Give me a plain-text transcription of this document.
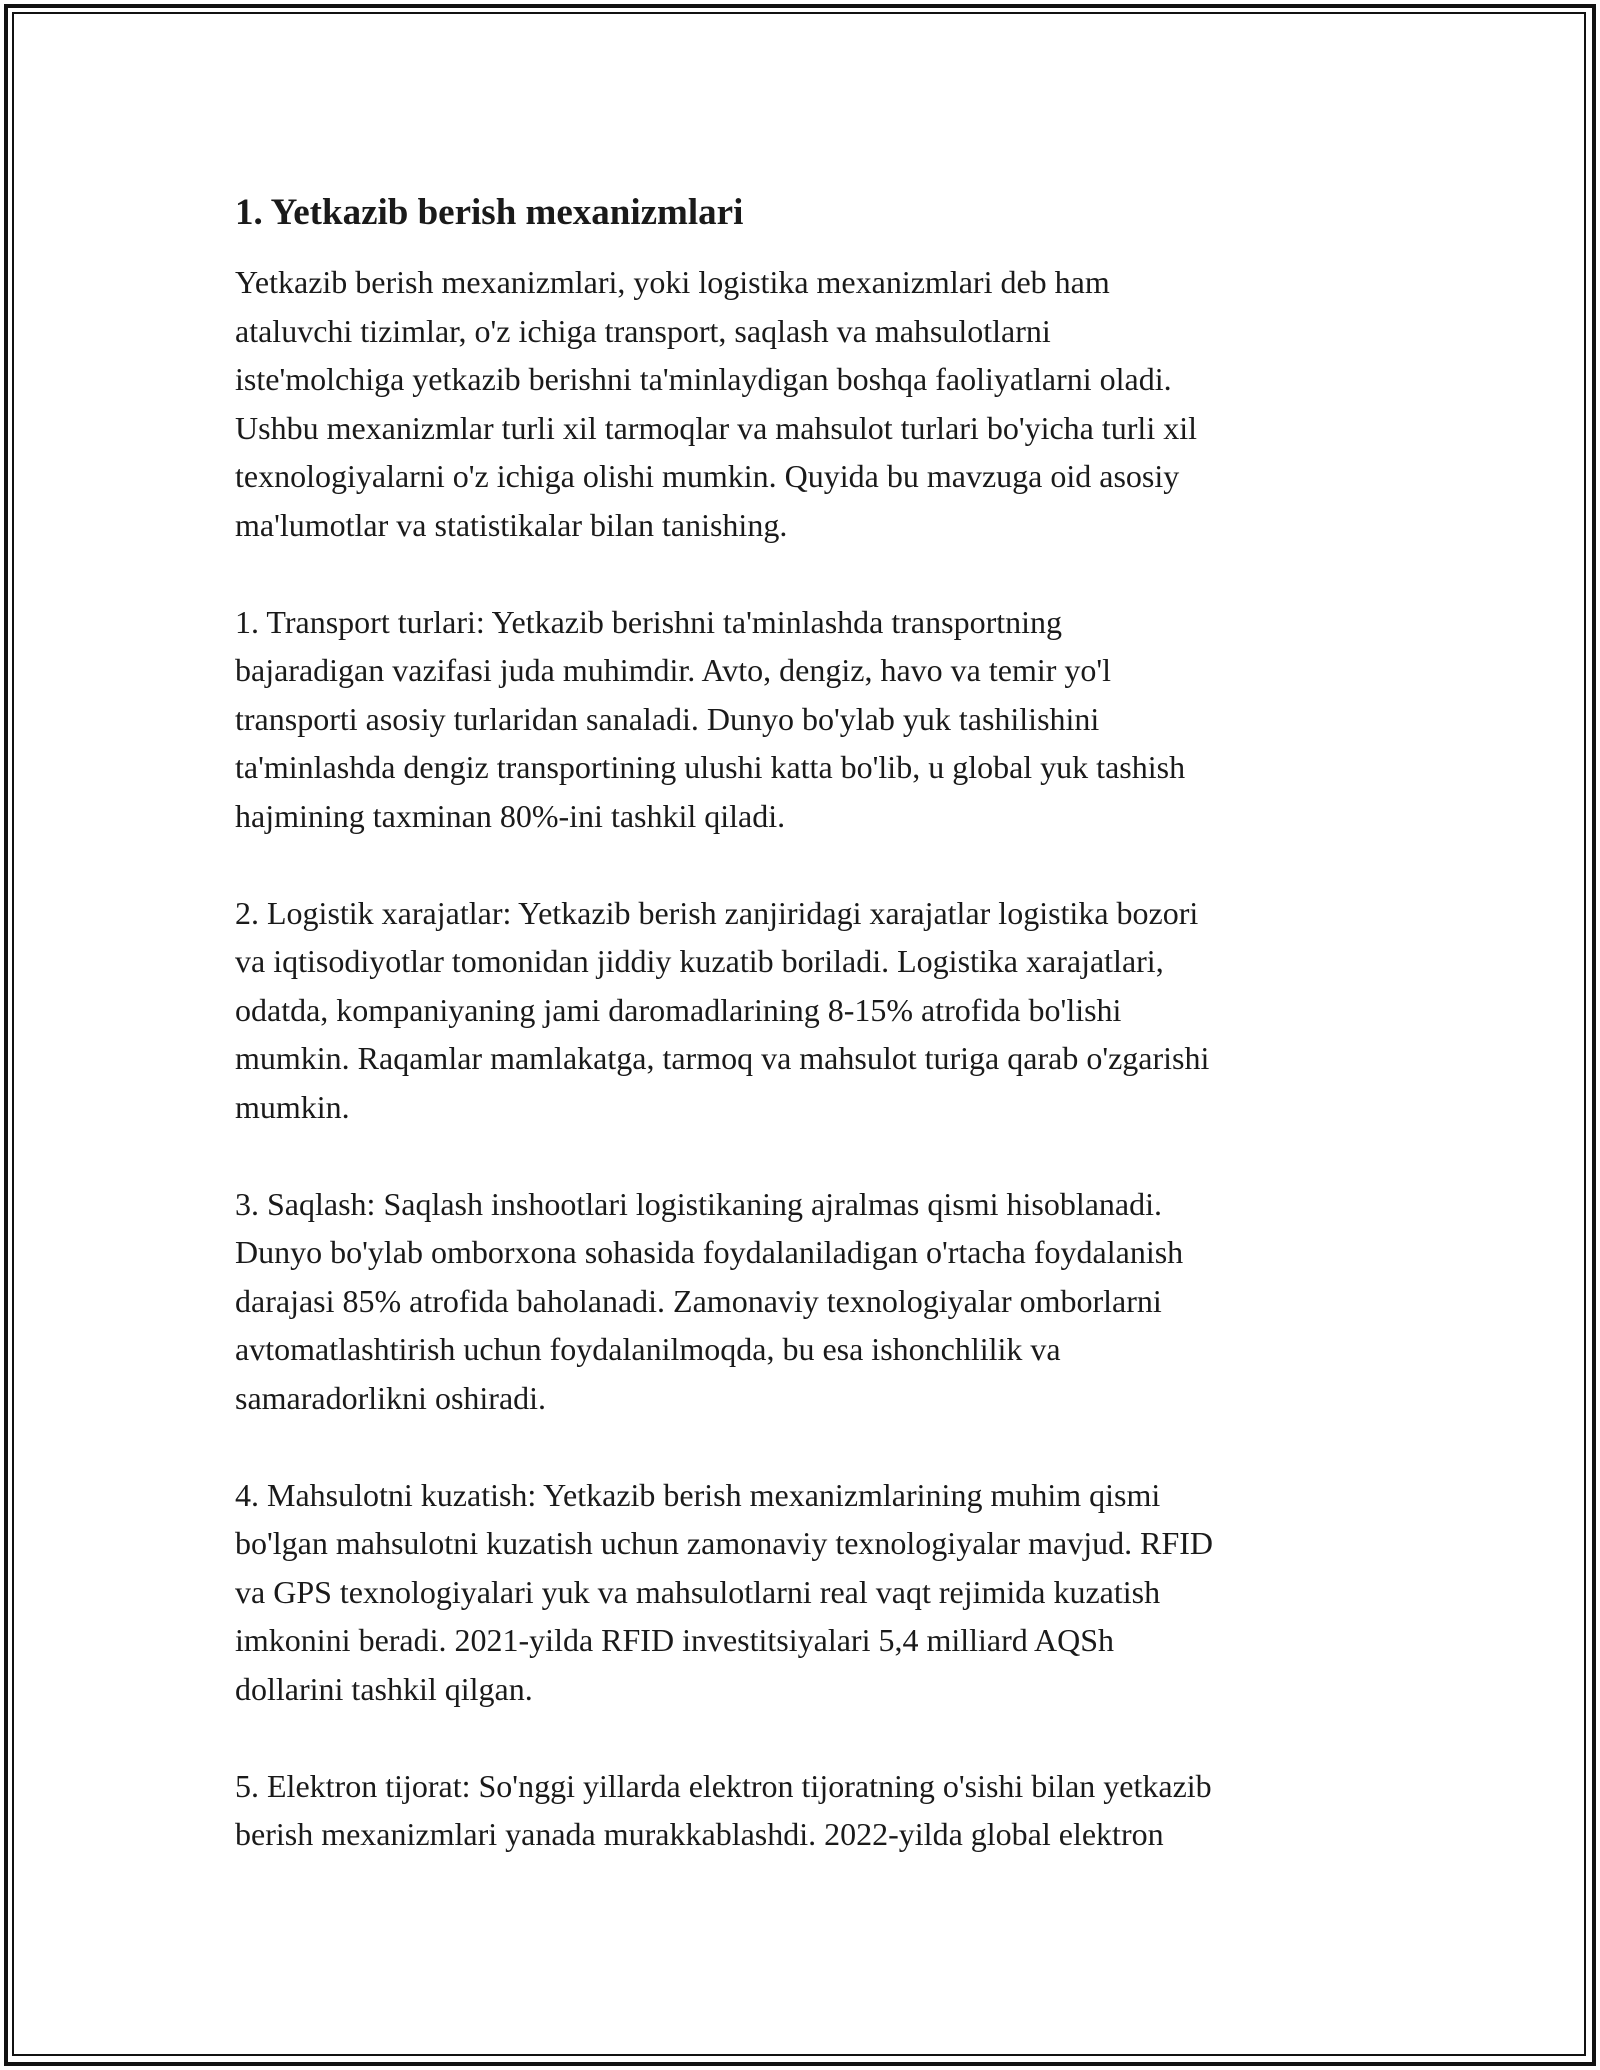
1. Yetkazib berish mexanizmlari

Yetkazib berish mexanizmlari, yoki logistika mexanizmlari deb ham
ataluvchi tizimlar, o'z ichiga transport, saqlash va mahsulotlarni
iste'molchiga yetkazib berishni ta'minlaydigan boshqa faoliyatlarni oladi.
Ushbu mexanizmlar turli xil tarmoqlar va mahsulot turlari bo'yicha turli xil
texnologiyalarni o'z ichiga olishi mumkin. Quyida bu mavzuga oid asosiy
ma'lumotlar va statistikalar bilan tanishing.

1. Transport turlari: Yetkazib berishni ta'minlashda transportning
bajaradigan vazifasi juda muhimdir. Avto, dengiz, havo va temir yo'l
transporti asosiy turlaridan sanaladi. Dunyo bo'ylab yuk tashilishini
ta'minlashda dengiz transportining ulushi katta bo'lib, u global yuk tashish
hajmining taxminan 80%-ini tashkil qiladi.

2. Logistik xarajatlar: Yetkazib berish zanjiridagi xarajatlar logistika bozori
va iqtisodiyotlar tomonidan jiddiy kuzatib boriladi. Logistika xarajatlari,
odatda, kompaniyaning jami daromadlarining 8-15% atrofida bo'lishi
mumkin. Raqamlar mamlakatga, tarmoq va mahsulot turiga qarab o'zgarishi
mumkin.

3. Saqlash: Saqlash inshootlari logistikaning ajralmas qismi hisoblanadi.
Dunyo bo'ylab omborxona sohasida foydalaniladigan o'rtacha foydalanish
darajasi 85% atrofida baholanadi. Zamonaviy texnologiyalar omborlarni
avtomatlashtirish uchun foydalanilmoqda, bu esa ishonchlilik va
samaradorlikni oshiradi.

4. Mahsulotni kuzatish: Yetkazib berish mexanizmlarining muhim qismi
bo'lgan mahsulotni kuzatish uchun zamonaviy texnologiyalar mavjud. RFID
va GPS texnologiyalari yuk va mahsulotlarni real vaqt rejimida kuzatish
imkonini beradi. 2021-yilda RFID investitsiyalari 5,4 milliard AQSh
dollarini tashkil qilgan.

5. Elektron tijorat: So'nggi yillarda elektron tijoratning o'sishi bilan yetkazib
berish mexanizmlari yanada murakkablashdi. 2022-yilda global elektron
